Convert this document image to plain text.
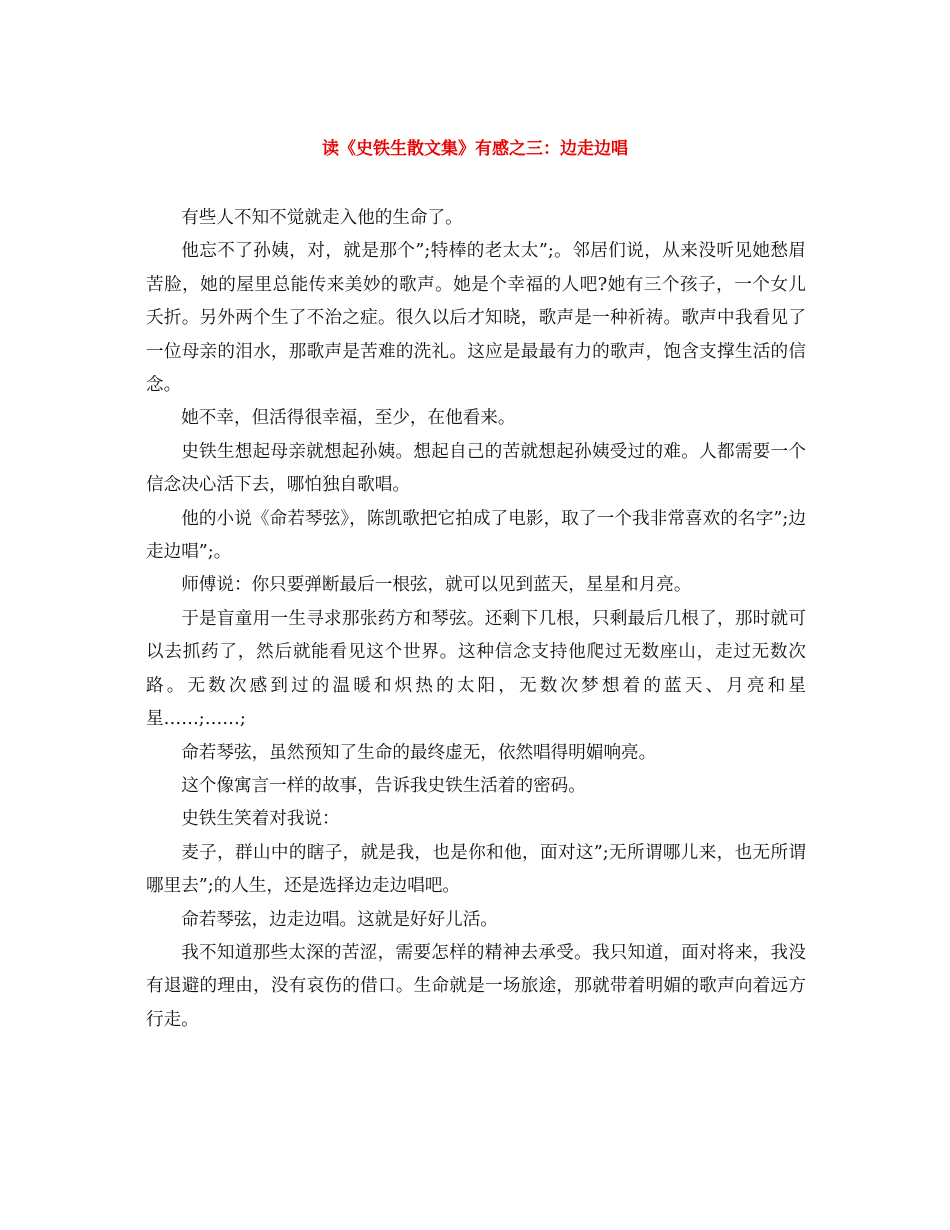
读《史铁生散文集》有感之三：边走边唱

有些人不知不觉就走入他的生命了。

他忘不了孙姨，对，就是那个”;特棒的老太太”;。邻居们说，从来没听见她愁眉苦脸，她的屋里总能传来美妙的歌声。她是个幸福的人吧?她有三个孩子，一个女儿夭折。另外两个生了不治之症。很久以后才知晓，歌声是一种祈祷。歌声中我看见了一位母亲的泪水，那歌声是苦难的洗礼。这应是最最有力的歌声，饱含支撑生活的信念。

她不幸，但活得很幸福，至少，在他看来。

史铁生想起母亲就想起孙姨。想起自己的苦就想起孙姨受过的难。人都需要一个信念决心活下去，哪怕独自歌唱。

他的小说《命若琴弦》，陈凯歌把它拍成了电影，取了一个我非常喜欢的名字”;边走边唱”;。

师傅说：你只要弹断最后一根弦，就可以见到蓝天，星星和月亮。

于是盲童用一生寻求那张药方和琴弦。还剩下几根，只剩最后几根了，那时就可以去抓药了，然后就能看见这个世界。这种信念支持他爬过无数座山，走过无数次路。无数次感到过的温暖和炽热的太阳，无数次梦想着的蓝天、月亮和星星……;……;

命若琴弦，虽然预知了生命的最终虚无，依然唱得明媚响亮。

这个像寓言一样的故事，告诉我史铁生活着的密码。

史铁生笑着对我说：

麦子，群山中的瞎子，就是我，也是你和他，面对这”;无所谓哪儿来，也无所谓哪里去”;的人生，还是选择边走边唱吧。

命若琴弦，边走边唱。这就是好好儿活。

我不知道那些太深的苦涩，需要怎样的精神去承受。我只知道，面对将来，我没有退避的理由，没有哀伤的借口。生命就是一场旅途，那就带着明媚的歌声向着远方行走。
